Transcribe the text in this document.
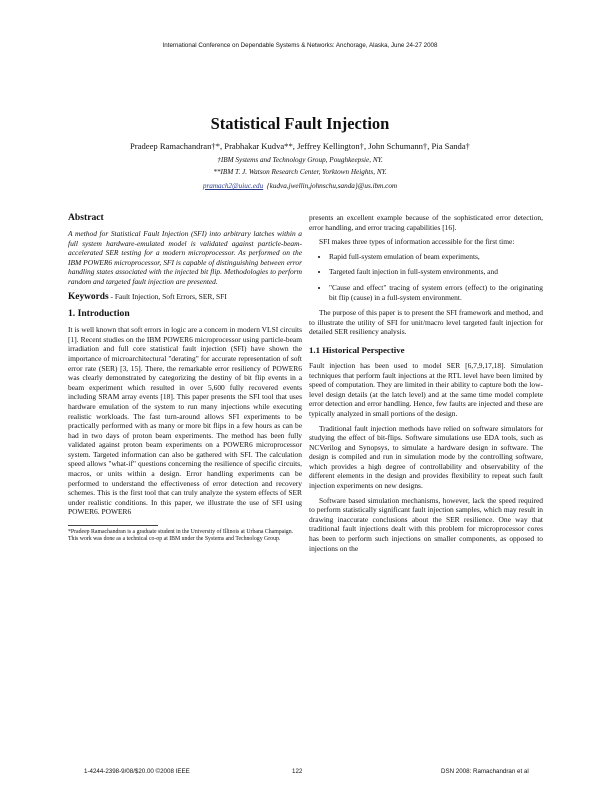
International Conference on Dependable Systems & Networks: Anchorage, Alaska, June 24-27 2008
Statistical Fault Injection
Pradeep Ramachandran†*, Prabhakar Kudva**, Jeffrey Kellington†, John Schumann†, Pia Sanda†
†IBM Systems and Technology Group, Poughkeepsie, NY.
**IBM T. J. Watson Research Center, Yorktown Heights, NY.
pramach2@uiuc.edu {kudva,jwellin,johnschu,sanda}@us.ibm.com
Abstract

A method for Statistical Fault Injection (SFI) into arbitrary latches within a full system hardware-emulated model is validated against particle-beam-accelerated SER testing for a modern microprocessor. As performed on the IBM POWER6 microprocessor, SFI is capable of distinguishing between error handling states associated with the injected bit flip. Methodologies to perform random and targeted fault injection are presented.

Keywords - Fault Injection, Soft Errors, SER, SFI

1. Introduction

It is well known that soft errors in logic are a concern in modern VLSI circuits [1]. Recent studies on the IBM POWER6 microprocessor using particle-beam irradiation and full core statistical fault injection (SFI) have shown the importance of microarchitectural "derating" for accurate representation of soft error rate (SER) [3, 15]. There, the remarkable error resiliency of POWER6 was clearly demonstrated by categorizing the destiny of bit flip events in a beam experiment which resulted in over 5,600 fully recovered events including SRAM array events [18]. This paper presents the SFI tool that uses hardware emulation of the system to run many injections while executing realistic workloads. The fast turn-around allows SFI experiments to be practically performed with as many or more bit flips in a few hours as can be had in two days of proton beam experiments. The method has been fully validated against proton beam experiments on a POWER6 microprocessor system. Targeted information can also be gathered with SFI. The calculation speed allows "what-if" questions concerning the resilience of specific circuits, macros, or units within a design. Error handling experiments can be performed to understand the effectiveness of error detection and recovery schemes. This is the first tool that can truly analyze the system effects of SER under realistic conditions. In this paper, we illustrate the use of SFI using POWER6. POWER6

*Pradeep Ramachandran is a graduate student in the University of Illinois at Urbana Champaign. This work was done as a technical co-op at IBM under the Systems and Technology Group.

presents an excellent example because of the sophisticated error detection, error handling, and error tracing capabilities [16].

SFI makes three types of information accessible for the first time:

• Rapid full-system emulation of beam experiments,
• Targeted fault injection in full-system environments, and
• "Cause and effect" tracing of system errors (effect) to the originating bit flip (cause) in a full-system environment.

The purpose of this paper is to present the SFI framework and method, and to illustrate the utility of SFI for unit/macro level targeted fault injection for detailed SER resiliency analysis.

1.1 Historical Perspective

Fault injection has been used to model SER [6,7,9,17,18]. Simulation techniques that perform fault injections at the RTL level have been limited by speed of computation. They are limited in their ability to capture both the low-level design details (at the latch level) and at the same time model complete error detection and error handling. Hence, few faults are injected and these are typically analyzed in small portions of the design.

Traditional fault injection methods have relied on software simulators for studying the effect of bit-flips. Software simulations use EDA tools, such as NCVerilog and Synopsys, to simulate a hardware design in software. The design is compiled and run in simulation mode by the controlling software, which provides a high degree of controllability and observability of the different elements in the design and provides flexibility to repeat such fault injection experiments on new designs.

Software based simulation mechanisms, however, lack the speed required to perform statistically significant fault injection samples, which may result in drawing inaccurate conclusions about the SER resilience. One way that traditional fault injections dealt with this problem for microprocessor cores has been to perform such injections on smaller components, as opposed to injections on the

1-4244-2398-9/08/$20.00 ©2008 IEEE	122	DSN 2008: Ramachandran et al
